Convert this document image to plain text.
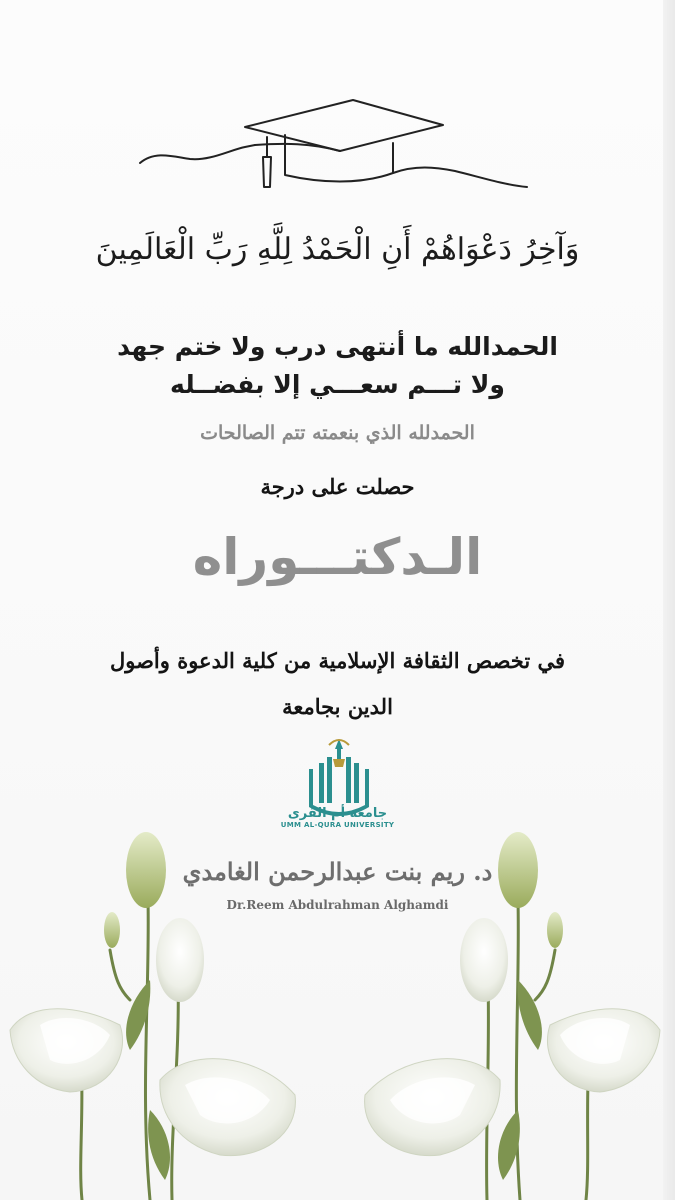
وَآخِرُ دَعْوَاهُمْ أَنِ الْحَمْدُ لِلَّهِ رَبِّ الْعَالَمِينَ
الحمدالله ما أنتهى درب ولا ختم جهد
ولا تـــم سعـــي إلا بفضــله
الحمدلله الذي بنعمته تتم الصالحات
حصلت على درجة
الـدكتـــوراه
في تخصص الثقافة الإسلامية من كلية الدعوة وأصول
الدين بجامعة
جامعة أم القرى
UMM AL-QURA UNIVERSITY
د. ريم بنت عبدالرحمن الغامدي
Dr.Reem Abdulrahman Alghamdi
